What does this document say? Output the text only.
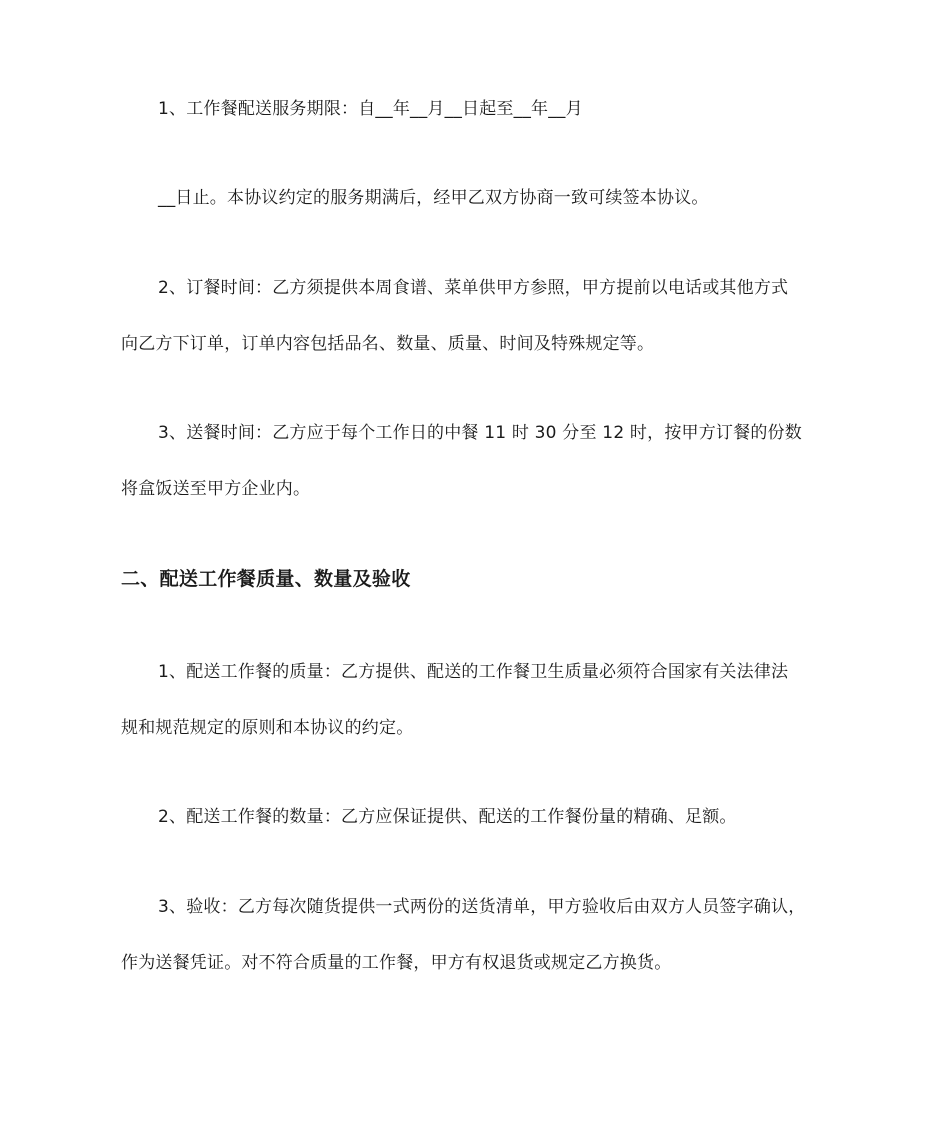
1、工作餐配送服务期限：自__年__月__日起至__年__月
__日止。本协议约定的服务期满后，经甲乙双方协商一致可续签本协议。
2、订餐时间：乙方须提供本周食谱、菜单供甲方参照，甲方提前以电话或其他方式
向乙方下订单，订单内容包括品名、数量、质量、时间及特殊规定等。
3、送餐时间：乙方应于每个工作日的中餐 11 时 30 分至 12 时，按甲方订餐的份数
将盒饭送至甲方企业内。
二、配送工作餐质量、数量及验收
1、配送工作餐的质量：乙方提供、配送的工作餐卫生质量必须符合国家有关法律法
规和规范规定的原则和本协议的约定。
2、配送工作餐的数量：乙方应保证提供、配送的工作餐份量的精确、足额。
3、验收：乙方每次随货提供一式两份的送货清单，甲方验收后由双方人员签字确认，
作为送餐凭证。对不符合质量的工作餐，甲方有权退货或规定乙方换货。
